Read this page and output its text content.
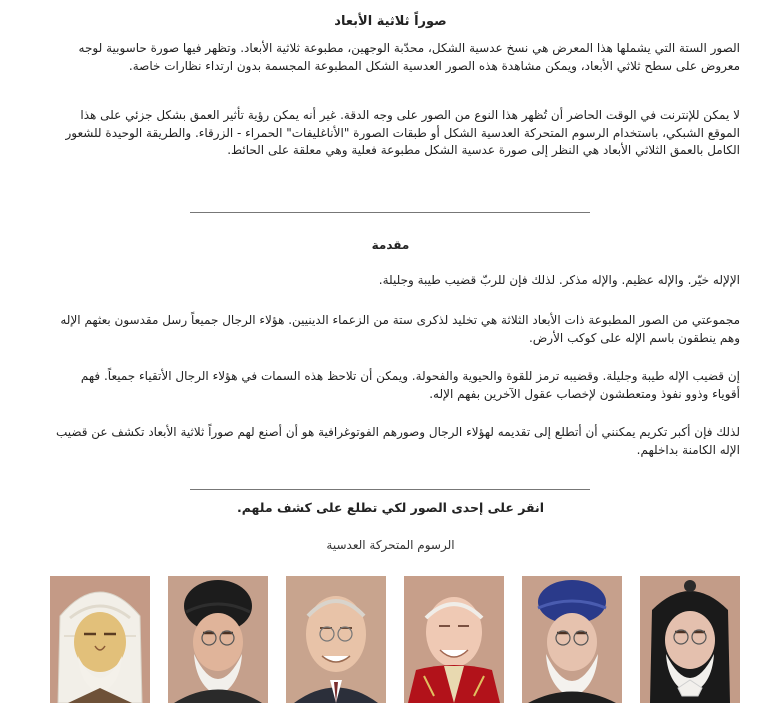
صوراً ثلاثية الأبعاد
الصور الستة التي يشملها هذا المعرض هي نسخ عدسية الشكل، محدّبة الوجهين، مطبوعة ثلاثية الأبعاد. وتظهر فيها صورة حاسوبية لوجه معروض على سطح ثلاثي الأبعاد، ويمكن مشاهدة هذه الصور العدسية الشكل المطبوعة المجسمة بدون ارتداء نظارات خاصة.
لا يمكن للإنترنت في الوقت الحاضر أن تُظهر هذا النوع من الصور على وجه الدقة. غير أنه يمكن رؤية تأثير العمق بشكل جزئي على هذا الموقع الشبكي، باستخدام الرسوم المتحركة العدسية الشكل أو طبقات الصورة "الأناغليفات" الحمراء - الزرقاء. والطريقة الوحيدة للشعور الكامل بالعمق الثلاثي الأبعاد هي النظر إلى صورة عدسية الشكل مطبوعة فعلية وهي معلقة على الحائط.
مقدمة
الإلإله خيّر. والإله عظيم. والإله مذكر. لذلك فإن للربّ قضيب طيبة وجليلة.
مجموعتي من الصور المطبوعة ذات الأبعاد الثلاثة هي تخليد لذكرى ستة من الزعماء الدينيين. هؤلاء الرجال جميعاً رسل مقدسون بعثهم الإله وهم ينطقون باسم الإله على كوكب الأرض.
إن قضيب الإله طيبة وجليلة. وقضيبه ترمز للقوة والحيوية والفحولة. ويمكن أن تلاحظ هذه السمات في هؤلاء الرجال الأتقياء جميعاً. فهم أقوياء وذوو نفوذ ومتعطشون لإخصاب عقول الآخرين بفهم الإله.
لذلك فإن أكبر تكريم يمكنني أن أتطلع إلى تقديمه لهؤلاء الرجال وصورهم الفوتوغرافية هو أن أصنع لهم صوراً ثلاثية الأبعاد تكشف عن قضيب الإله الكامنة بداخلهم.
انقر على إحدى الصور لكي تطلع على كشف ملهم.
الرسوم المتحركة العدسية
